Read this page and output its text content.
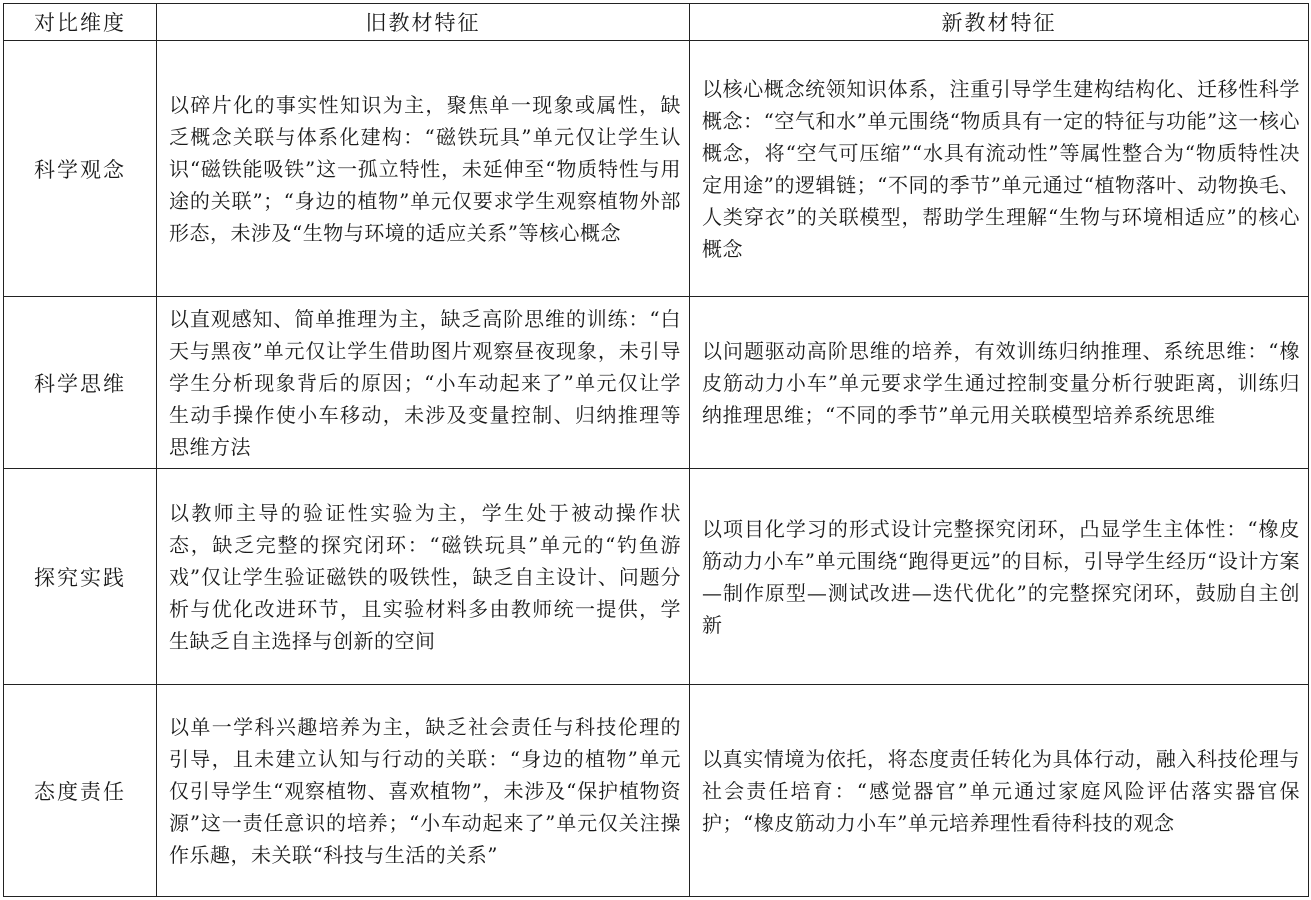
对比维度	旧教材特征	新教材特征
科学观念	以碎片化的事实性知识为主，聚焦单一现象或属性，缺乏概念关联与体系化建构：“磁铁玩具”单元仅让学生认识“磁铁能吸铁”这一孤立特性，未延伸至“物质特性与用途的关联”；“身边的植物”单元仅要求学生观察植物外部形态，未涉及“生物与环境的适应关系”等核心概念	以核心概念统领知识体系，注重引导学生建构结构化、迁移性科学概念：“空气和水”单元围绕“物质具有一定的特征与功能”这一核心概念，将“空气可压缩”“水具有流动性”等属性整合为“物质特性决定用途”的逻辑链；“不同的季节”单元通过“植物落叶、动物换毛、人类穿衣”的关联模型，帮助学生理解“生物与环境相适应”的核心概念
科学思维	以直观感知、简单推理为主，缺乏高阶思维的训练：“白天与黑夜”单元仅让学生借助图片观察昼夜现象，未引导学生分析现象背后的原因；“小车动起来了”单元仅让学生动手操作使小车移动，未涉及变量控制、归纳推理等思维方法	以问题驱动高阶思维的培养，有效训练归纳推理、系统思维：“橡皮筋动力小车”单元要求学生通过控制变量分析行驶距离，训练归纳推理思维；“不同的季节”单元用关联模型培养系统思维
探究实践	以教师主导的验证性实验为主，学生处于被动操作状态，缺乏完整的探究闭环：“磁铁玩具”单元的“钓鱼游戏”仅让学生验证磁铁的吸铁性，缺乏自主设计、问题分析与优化改进环节，且实验材料多由教师统一提供，学生缺乏自主选择与创新的空间	以项目化学习的形式设计完整探究闭环，凸显学生主体性：“橡皮筋动力小车”单元围绕“跑得更远”的目标，引导学生经历“设计方案—制作原型—测试改进—迭代优化”的完整探究闭环，鼓励自主创新
态度责任	以单一学科兴趣培养为主，缺乏社会责任与科技伦理的引导，且未建立认知与行动的关联：“身边的植物”单元仅引导学生“观察植物、喜欢植物”，未涉及“保护植物资源”这一责任意识的培养；“小车动起来了”单元仅关注操作乐趣，未关联“科技与生活的关系”	以真实情境为依托，将态度责任转化为具体行动，融入科技伦理与社会责任培育：“感觉器官”单元通过家庭风险评估落实器官保护；“橡皮筋动力小车”单元培养理性看待科技的观念
